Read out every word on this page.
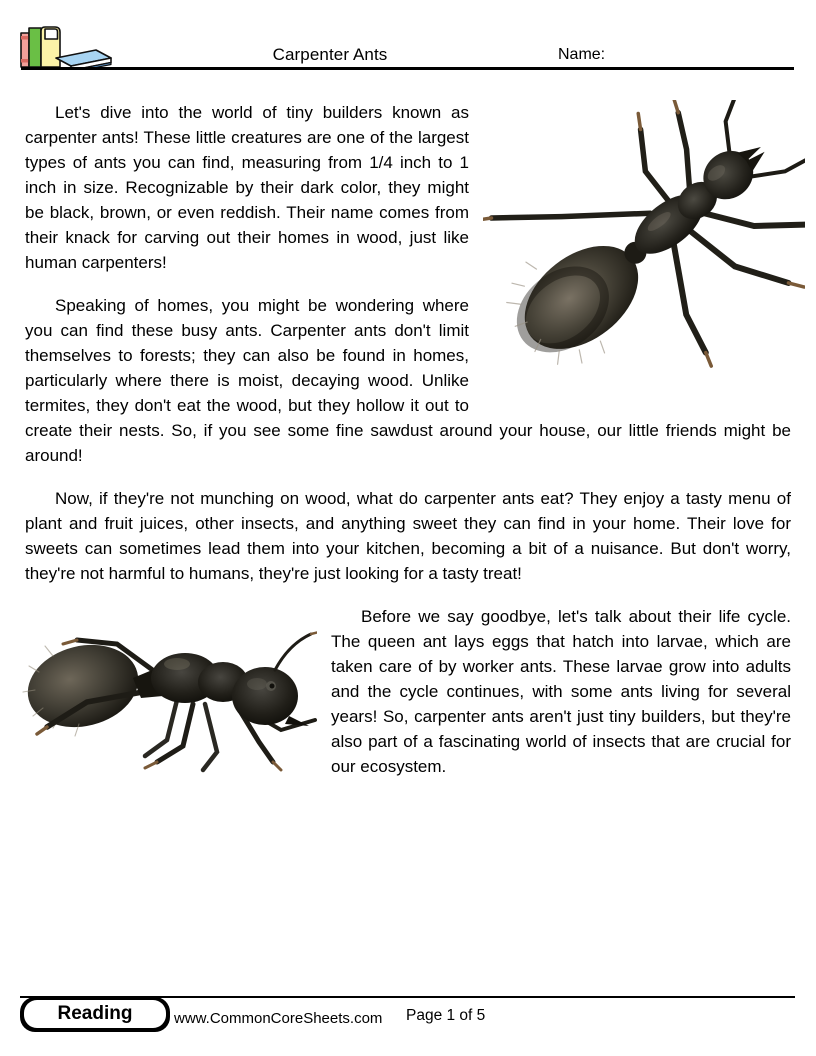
Carpenter Ants	Name:

Let's dive into the world of tiny builders known as carpenter ants! These little creatures are one of the largest types of ants you can find, measuring from 1/4 inch to 1 inch in size. Recognizable by their dark color, they might be black, brown, or even reddish. Their name comes from their knack for carving out their homes in wood, just like human carpenters!

Speaking of homes, you might be wondering where you can find these busy ants. Carpenter ants don't limit themselves to forests; they can also be found in homes, particularly where there is moist, decaying wood. Unlike termites, they don't eat the wood, but they hollow it out to create their nests. So, if you see some fine sawdust around your house, our little friends might be around!

Now, if they're not munching on wood, what do carpenter ants eat? They enjoy a tasty menu of plant and fruit juices, other insects, and anything sweet they can find in your home. Their love for sweets can sometimes lead them into your kitchen, becoming a bit of a nuisance. But don't worry, they're not harmful to humans, they're just looking for a tasty treat!

Before we say goodbye, let's talk about their life cycle. The queen ant lays eggs that hatch into larvae, which are taken care of by worker ants. These larvae grow into adults and the cycle continues, with some ants living for several years! So, carpenter ants aren't just tiny builders, but they're also part of a fascinating world of insects that are crucial for our ecosystem.

Reading	www.CommonCoreSheets.com Page 1 of 5
